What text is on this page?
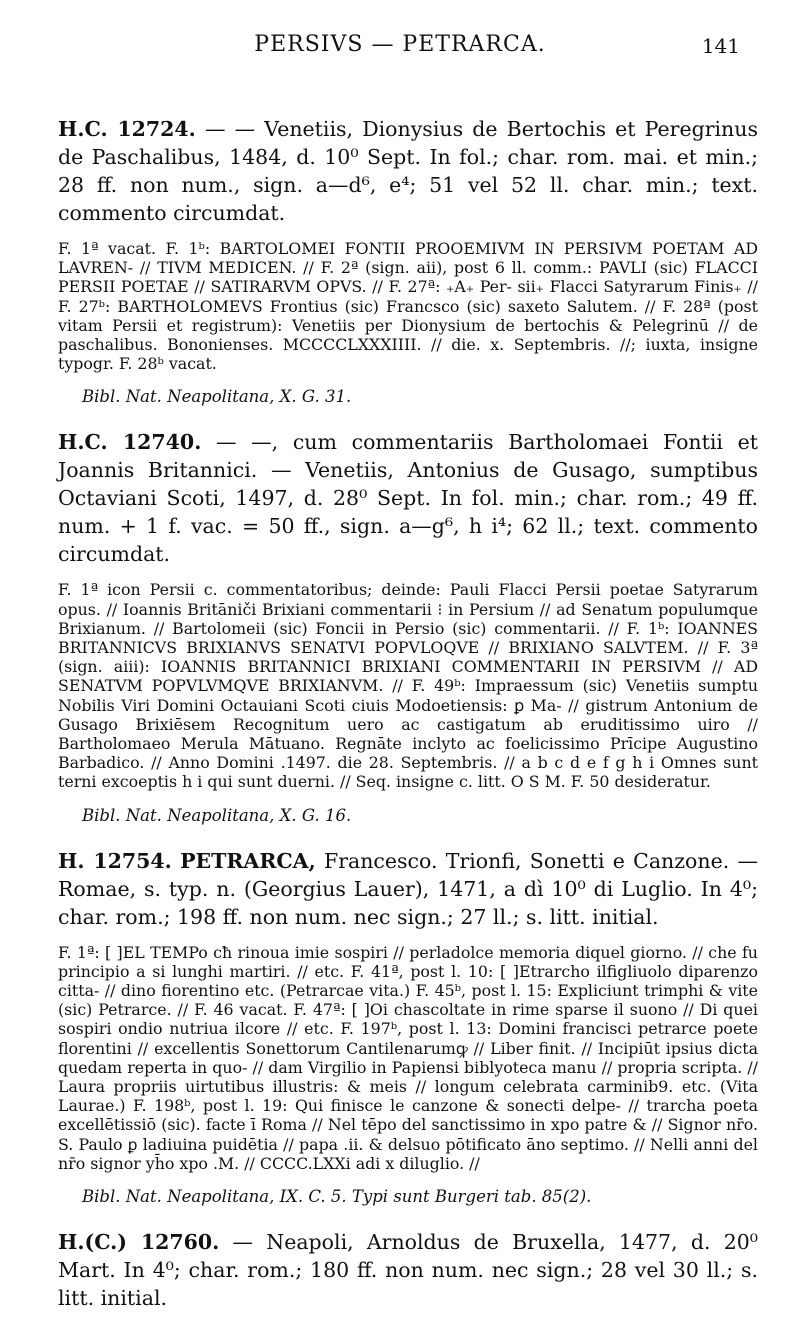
PERSIVS — PETRARCA.	141

H.C. 12724. — — Venetiis, Dionysius de Bertochis et Peregrinus de Paschalibus, 1484, d. 10⁰ Sept. In fol.; char. rom. mai. et min.; 28 ff. non num., sign. a—d⁶, e⁴; 51 vel 52 ll. char. min.; text. commento circumdat.

F. 1ª vacat. F. 1ᵇ: BARTOLOMEI FONTII PROOEMIVM IN PERSIVM POETAM AD LAVREN- // TIVM MEDICEN. // F. 2ª (sign. aii), post 6 ll. comm.: PAVLI (sic) FLACCI PERSII POETAE // SATIRARVM OPVS. // F. 27ª: ₊A₊ Per- sii₊ Flacci Satyrarum Finis₊ // F. 27ᵇ: BARTHOLOMEVS Frontius (sic) Francsco (sic) saxeto Salutem. // F. 28ª (post vitam Persii et registrum): Venetiis per Dionysium de bertochis & Pelegrinū // de paschalibus. Bononienses. MCCCCLXXXIIII. // die. x. Septembris. //; iuxta, insigne typogr. F. 28ᵇ vacat.

Bibl. Nat. Neapolitana, X. G. 31.

H.C. 12740. — —, cum commentariis Bartholomaei Fontii et Joannis Britannici. — Venetiis, Antonius de Gusago, sumptibus Octaviani Scoti, 1497, d. 28⁰ Sept. In fol. min.; char. rom.; 49 ff. num. + 1 f. vac. = 50 ff., sign. a—g⁶, h i⁴; 62 ll.; text. commento circumdat.

F. 1ª icon Persii c. commentatoribus; deinde: Pauli Flacci Persii poetae Satyrarum opus. // Ioannis Britāniči Brixiani commentarii ⁝ in Persium // ad Senatum populumque Brixianum. // Bartolomeii (sic) Foncii in Persio (sic) commentarii. // F. 1ᵇ: IOANNES BRITANNICVS BRIXIANVS SENATVI POPVLOQVE // BRIXIANO SALVTEM. // F. 3ª (sign. aiii): IOANNIS BRITANNICI BRIXIANI COMMENTARII IN PERSIVM // AD SENATVM POPVLVMQVE BRIXIANVM. // F. 49ᵇ: Impraessum (sic) Venetiis sumptu Nobilis Viri Domini Octauiani Scoti ciuis Modoetiensis: ꝑ Ma- // gistrum Antonium de Gusago Brixiēsem Recognitum uero ac castigatum ab eruditissimo uiro // Bartholomaeo Merula Mātuano. Regnāte inclyto ac foelicissimo Prīcipe Augustino Barbadico. // Anno Domini .1497. die 28. Septembris. // a b c d e f g h i Omnes sunt terni excoeptis h i qui sunt duerni. // Seq. insigne c. litt. O S M. F. 50 desideratur.

Bibl. Nat. Neapolitana, X. G. 16.

H. 12754. PETRARCA, Francesco. Trionfi, Sonetti e Canzone. — Romae, s. typ. n. (Georgius Lauer), 1471, a dì 10⁰ di Luglio. In 4⁰; char. rom.; 198 ff. non num. nec sign.; 27 ll.; s. litt. initial.

F. 1ª: [ ]EL TEMPo cħ rinoua imie sospiri // perladolce memoria diquel giorno. // che fu principio a si lunghi martiri. // etc. F. 41ª, post l. 10: [ ]Etrarcho ilfigliuolo diparenzo citta- // dino fiorentino etc. (Petrarcae vita.) F. 45ᵇ, post l. 15: Expliciunt trimphi & vite (sic) Petrarce. // F. 46 vacat. F. 47ª: [ ]Oi chascoltate in rime sparse il suono // Di quei sospiri ondio nutriua ilcore // etc. F. 197ᵇ, post l. 13: Domini francisci petrarce poete florentini // excellentis Sonettorum Cantilenarumꝙ // Liber finit. // Incipiūt ipsius dicta quedam reperta in quo- // dam Virgilio in Papiensi biblyoteca manu // propria scripta. // Laura propriis uirtutibus illustris: & meis // longum celebrata carminib9. etc. (Vita Laurae.) F. 198ᵇ, post l. 19: Qui finisce le canzone & sonecti delpe- // trarcha poeta excellētissiō (sic). facte ī Roma // Nel tēpo del sanctissimo in xpo patre & // Signor nr̄o. S. Paulo ꝑ ladiuina puidētia // papa .ii. & delsuo pōtificato āno septimo. // Nelli anni del nr̄o signor yh̄o xpo .M. // CCCC.LXXi adi x diluglio. //

Bibl. Nat. Neapolitana, IX. C. 5. Typi sunt Burgeri tab. 85(2).

H.(C.) 12760. — Neapoli, Arnoldus de Bruxella, 1477, d. 20⁰ Mart. In 4⁰; char. rom.; 180 ff. non num. nec sign.; 28 vel 30 ll.; s. litt. initial.
